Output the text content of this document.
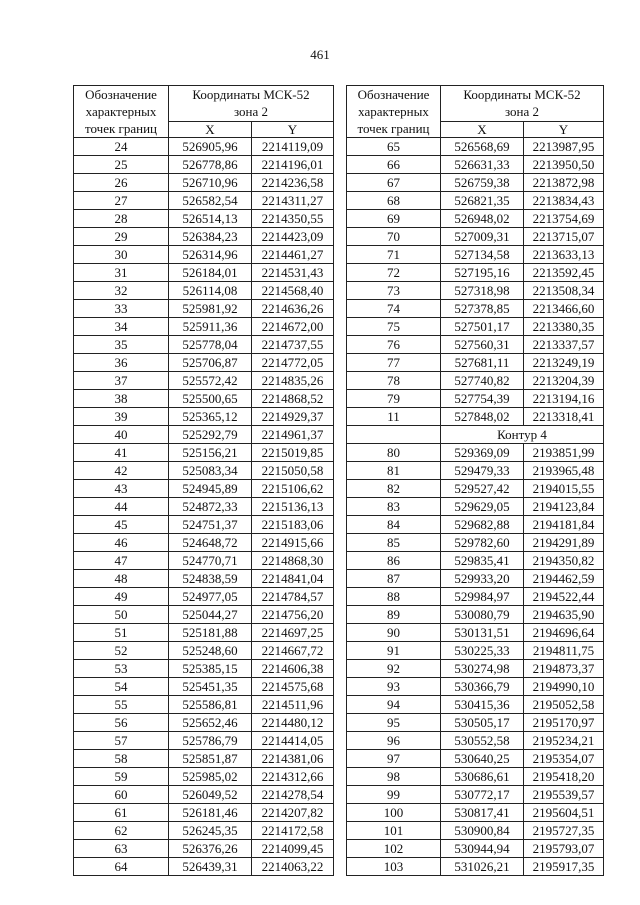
461
Обозначение характерных точек границ	Координаты МСК-52 зона 2	
	X	Y
24	526905,96	2214119,09
25	526778,86	2214196,01
26	526710,96	2214236,58
27	526582,54	2214311,27
28	526514,13	2214350,55
29	526384,23	2214423,09
30	526314,96	2214461,27
31	526184,01	2214531,43
32	526114,08	2214568,40
33	525981,92	2214636,26
34	525911,36	2214672,00
35	525778,04	2214737,55
36	525706,87	2214772,05
37	525572,42	2214835,26
38	525500,65	2214868,52
39	525365,12	2214929,37
40	525292,79	2214961,37
41	525156,21	2215019,85
42	525083,34	2215050,58
43	524945,89	2215106,62
44	524872,33	2215136,13
45	524751,37	2215183,06
46	524648,72	2214915,66
47	524770,71	2214868,30
48	524838,59	2214841,04
49	524977,05	2214784,57
50	525044,27	2214756,20
51	525181,88	2214697,25
52	525248,60	2214667,72
53	525385,15	2214606,38
54	525451,35	2214575,68
55	525586,81	2214511,96
56	525652,46	2214480,12
57	525786,79	2214414,05
58	525851,87	2214381,06
59	525985,02	2214312,66
60	526049,52	2214278,54
61	526181,46	2214207,82
62	526245,35	2214172,58
63	526376,26	2214099,45
64	526439,31	2214063,22
Обозначение характерных точек границ	Координаты МСК-52 зона 2	
	X	Y
65	526568,69	2213987,95
66	526631,33	2213950,50
67	526759,38	2213872,98
68	526821,35	2213834,43
69	526948,02	2213754,69
70	527009,31	2213715,07
71	527134,58	2213633,13
72	527195,16	2213592,45
73	527318,98	2213508,34
74	527378,85	2213466,60
75	527501,17	2213380,35
76	527560,31	2213337,57
77	527681,11	2213249,19
78	527740,82	2213204,39
79	527754,39	2213194,16
11	527848,02	2213318,41
	Контур 4	
80	529369,09	2193851,99
81	529479,33	2193965,48
82	529527,42	2194015,55
83	529629,05	2194123,84
84	529682,88	2194181,84
85	529782,60	2194291,89
86	529835,41	2194350,82
87	529933,20	2194462,59
88	529984,97	2194522,44
89	530080,79	2194635,90
90	530131,51	2194696,64
91	530225,33	2194811,75
92	530274,98	2194873,37
93	530366,79	2194990,10
94	530415,36	2195052,58
95	530505,17	2195170,97
96	530552,58	2195234,21
97	530640,25	2195354,07
98	530686,61	2195418,20
99	530772,17	2195539,57
100	530817,41	2195604,51
101	530900,84	2195727,35
102	530944,94	2195793,07
103	531026,21	2195917,35
